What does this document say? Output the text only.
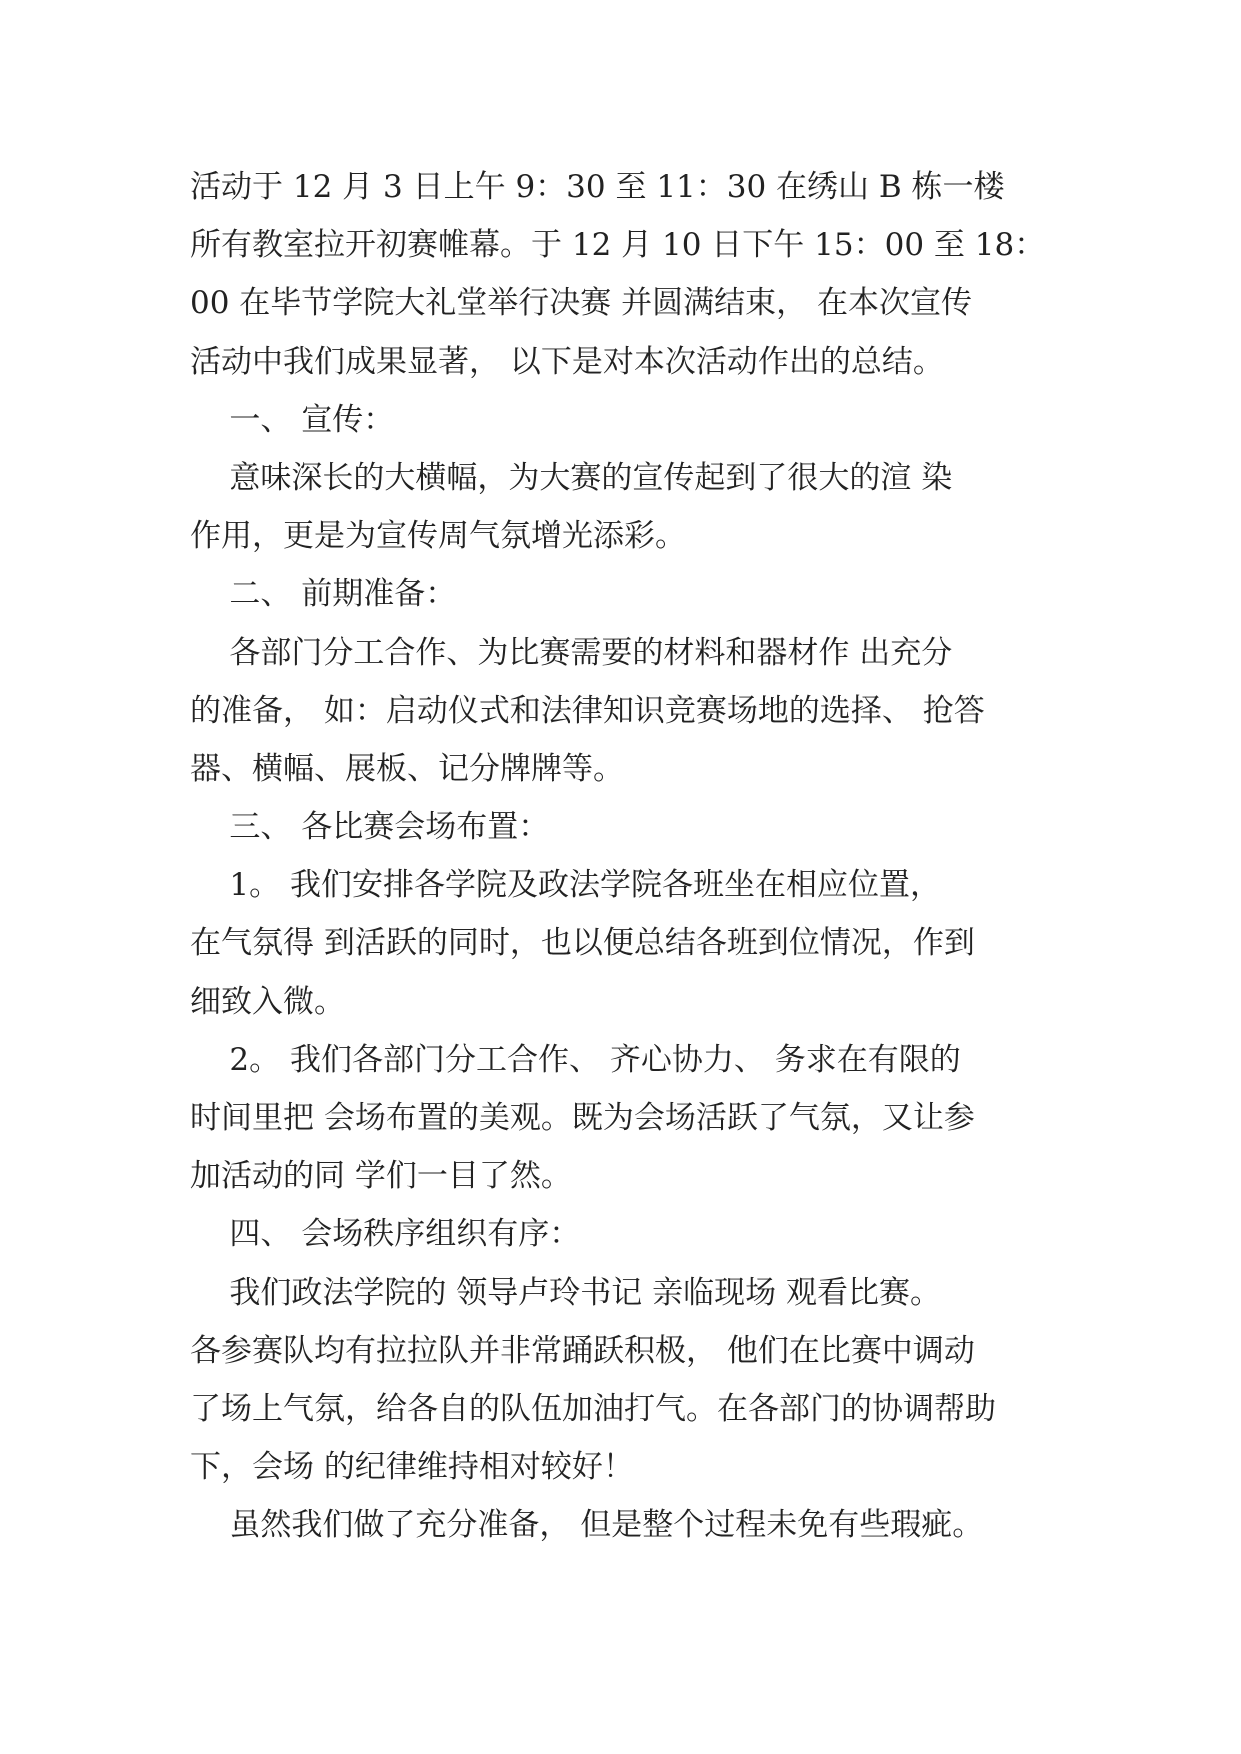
活动于 12 月 3 日上午 9：30 至 11：30 在绣山 B 栋一楼
所有教室拉开初赛帷幕。于 12 月 10 日下午 15：00 至 18：
00 在毕节学院大礼堂举行决赛 并圆满结束， 在本次宣传
活动中我们成果显著， 以下是对本次活动作出的总结。
一、 宣传：
意味深长的大横幅，为大赛的宣传起到了很大的渲 染
作用，更是为宣传周气氛增光添彩。
二、 前期准备：
各部门分工合作、为比赛需要的材料和器材作 出充分
的准备， 如：启动仪式和法律知识竞赛场地的选择、 抢答
器、横幅、展板、记分牌牌等。
三、 各比赛会场布置：
1。 我们安排各学院及政法学院各班坐在相应位置，
在气氛得 到活跃的同时，也以便总结各班到位情况，作到
细致入微。
2。 我们各部门分工合作、 齐心协力、 务求在有限的
时间里把 会场布置的美观。既为会场活跃了气氛，又让参
加活动的同 学们一目了然。
四、 会场秩序组织有序：
我们政法学院的 领导卢玲书记 亲临现场 观看比赛。
各参赛队均有拉拉队并非常踊跃积极， 他们在比赛中调动
了场上气氛，给各自的队伍加油打气。在各部门的协调帮助
下，会场 的纪律维持相对较好！
虽然我们做了充分准备， 但是整个过程未免有些瑕疵。
